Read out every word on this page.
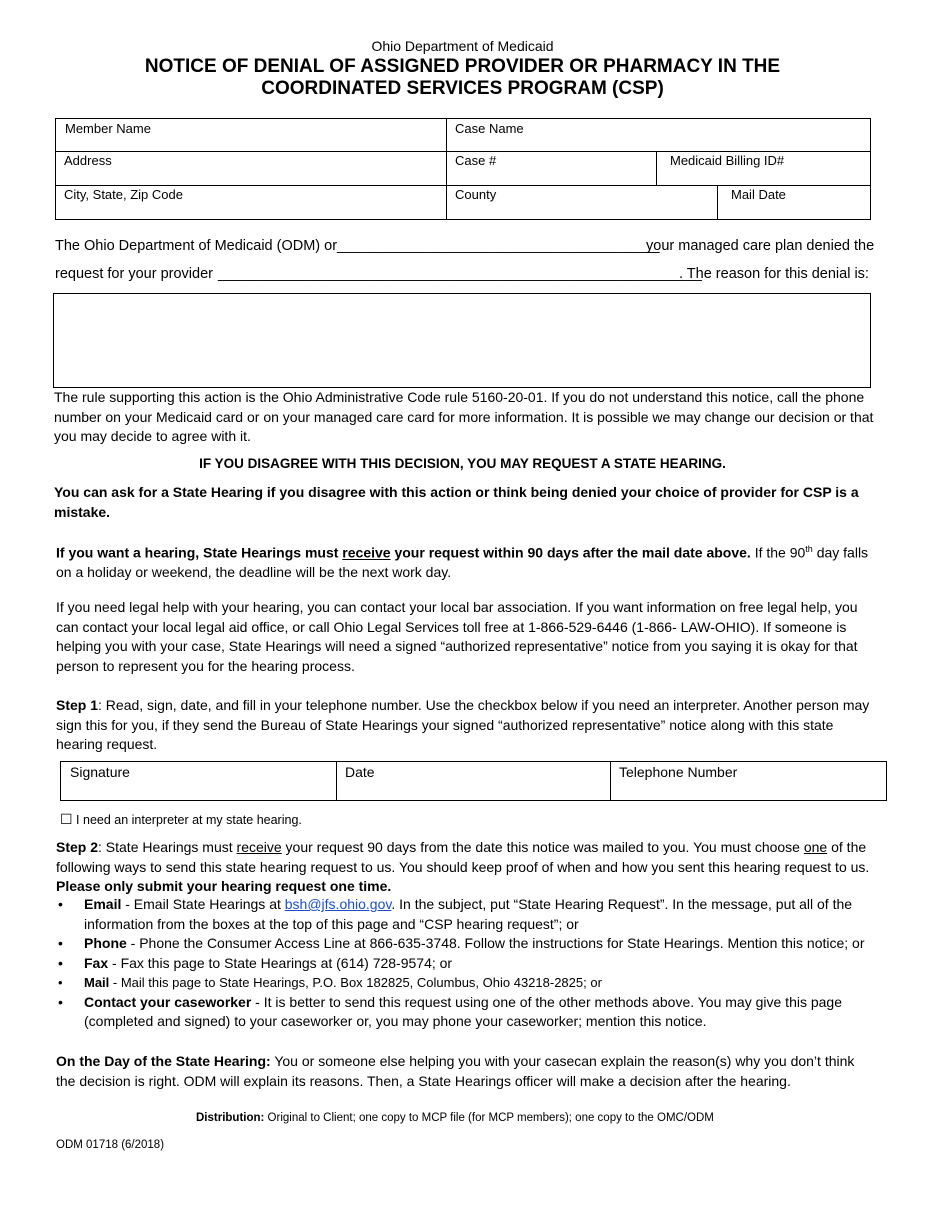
Ohio Department of Medicaid
NOTICE OF DENIAL OF ASSIGNED PROVIDER OR PHARMACY IN THE
COORDINATED SERVICES PROGRAM (CSP)
Member Name	Case Name
Address	Case #	Medicaid Billing ID#
City, State, Zip Code	County	Mail Date
The Ohio Department of Medicaid (ODM) or ________________________________________
your managed care plan denied the
request for your provider ____________________________________________________________
. The reason for this denial is:
The rule supporting this action is the Ohio Administrative Code rule 5160-20-01. If you do not understand this notice, call the phone number on your Medicaid card or on your managed care card for more information. It is possible we may change our decision or that you may decide to agree with it.
IF YOU DISAGREE WITH THIS DECISION, YOU MAY REQUEST A STATE HEARING.
You can ask for a State Hearing if you disagree with this action or think being denied your choice of provider for CSP is a mistake.
If you want a hearing, State Hearings must receive your request within 90 days after the mail date above. If the 90th day falls on a holiday or weekend, the deadline will be the next work day.
If you need legal help with your hearing, you can contact your local bar association. If you want information on free legal help, you can contact your local legal aid office, or call Ohio Legal Services toll free at 1-866-529-6446 (1-866- LAW-OHIO). If someone is helping you with your case, State Hearings will need a signed “authorized representative” notice from you saying it is okay for that person to represent you for the hearing process.
Step 1: Read, sign, date, and fill in your telephone number. Use the checkbox below if you need an interpreter. Another person may sign this for you, if they send the Bureau of State Hearings your signed “authorized representative” notice along with this state hearing request.
Signature	Date	Telephone Number
☐ I need an interpreter at my state hearing.
Step 2: State Hearings must receive your request 90 days from the date this notice was mailed to you. You must choose one of the following ways to send this state hearing request to us. You should keep proof of when and how you sent this hearing request to us. Please only submit your hearing request one time.
• Email - Email State Hearings at bsh@jfs.ohio.gov. In the subject, put “State Hearing Request”. In the message, put all of the information from the boxes at the top of this page and “CSP hearing request”; or
• Phone - Phone the Consumer Access Line at 866-635-3748. Follow the instructions for State Hearings. Mention this notice; or
• Fax - Fax this page to State Hearings at (614) 728-9574; or
• Mail - Mail this page to State Hearings, P.O. Box 182825, Columbus, Ohio 43218-2825; or
• Contact your caseworker - It is better to send this request using one of the other methods above. You may give this page (completed and signed) to your caseworker or, you may phone your caseworker; mention this notice.
On the Day of the State Hearing: You or someone else helping you with your casecan explain the reason(s) why you don’t think the decision is right. ODM will explain its reasons. Then, a State Hearings officer will make a decision after the hearing.
Distribution: Original to Client; one copy to MCP file (for MCP members); one copy to the OMC/ODM
ODM 01718 (6/2018)
